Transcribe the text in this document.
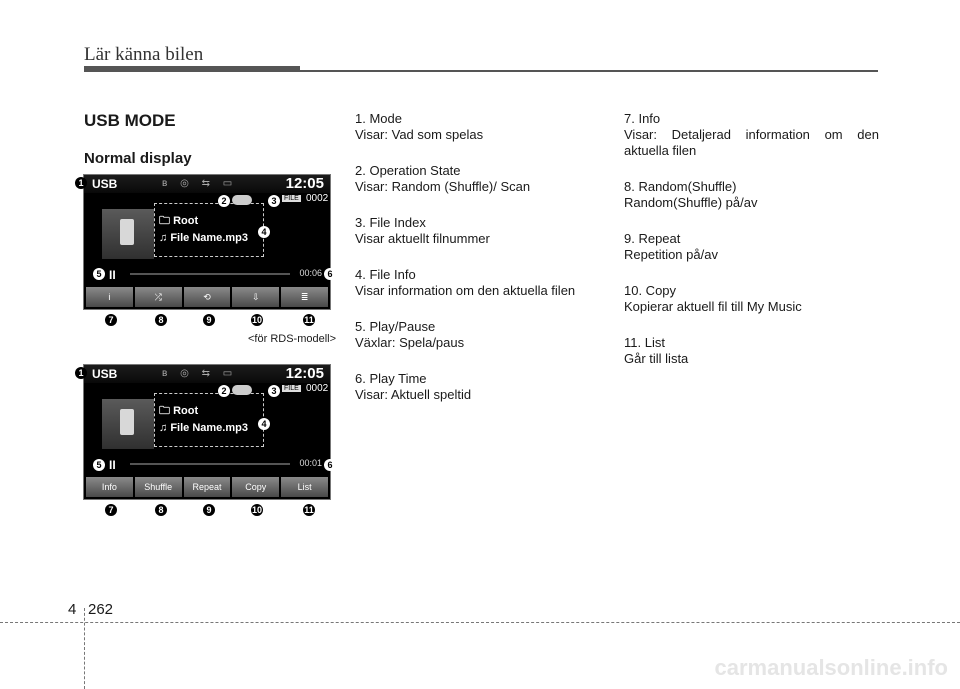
Lär känna bilen
USB MODE
Normal display
USB	ʙ ◎ ⇆ ▭	12:05
FILE 0002
🗀 Root
♫ File Name.mp3
II	00:06
i	⤮	⟲	⇩	≣
1
2	3
4
5	6
7	8	9	10	11
<för RDS-modell>
USB	ʙ ◎ ⇆ ▭	12:05
FILE 0002
🗀 Root
♫ File Name.mp3
II	00:01
Info	Shuffle	Repeat	Copy	List
1
2	3
4
5	6
7	8	9	10	11
1. Mode
Visar: Vad som spelas
2. Operation State
Visar: Random (Shuffle)/ Scan
3. File Index
Visar aktuellt filnummer
4. File Info
Visar information om den aktuella filen
5. Play/Pause
Växlar: Spela/paus
6. Play Time
Visar: Aktuell speltid
7. Info
Visar: Detaljerad information om den aktuella filen
8. Random(Shuffle)
Random(Shuffle) på/av
9. Repeat
Repetition på/av
10. Copy
Kopierar aktuell fil till My Music
11. List
Går till lista
4 262
carmanualsonline.info
